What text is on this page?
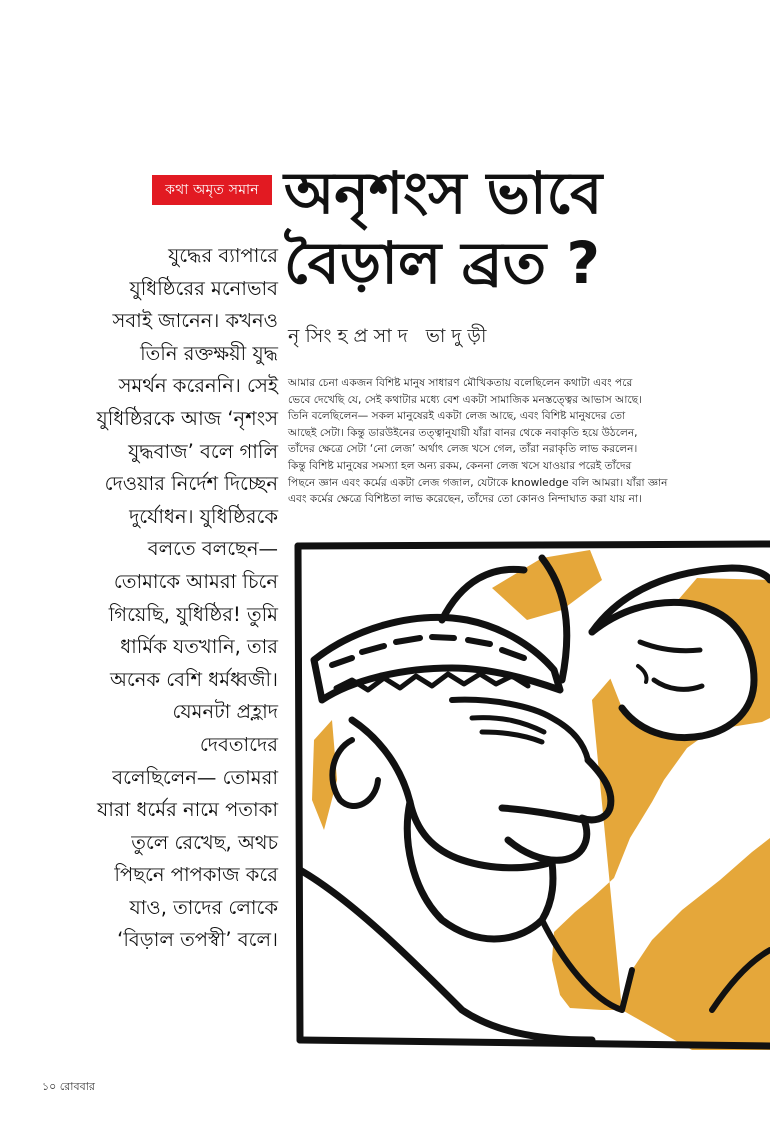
কথা অমৃত সমান অনৃশংস ভাবে
বৈড়াল ব্রত ?
নৃসিংহপ্রসাদ ভাদুড়ী
যুদ্ধের ব্যাপারে
যুধিষ্ঠিরের মনোভাব
সবাই জানেন। কখনও
তিনি রক্তক্ষয়ী যুদ্ধ
সমর্থন করেননি। সেই
যুধিষ্ঠিরকে আজ ‘নৃশংস
যুদ্ধবাজ’ বলে গালি
দেওয়ার নির্দেশ দিচ্ছেন
দুর্যোধন। যুধিষ্ঠিরকে
বলতে বলছেন—
তোমাকে আমরা চিনে
গিয়েছি, যুধিষ্ঠির! তুমি
ধার্মিক যতখানি, তার
অনেক বেশি ধর্মধ্বজী।
যেমনটা প্রহ্লাদ
দেবতাদের
বলেছিলেন— তোমরা
যারা ধর্মের নামে পতাকা
তুলে রেখেছ, অথচ
পিছনে পাপকাজ করে
যাও, তাদের লোকে
‘বিড়াল তপস্বী’ বলে।
আমার চেনা একজন বিশিষ্ট মানুষ সাধারণ মৌখিকতায় বলেছিলেন কথাটা এবং পরে
ভেবে দেখেছি যে, সেই কথাটার মধ্যে বেশ একটা সামাজিক মনস্তত্ত্বের আভাস আছে।
তিনি বলেছিলেন— সকল মানুষেরই একটা লেজ আছে, এবং বিশিষ্ট মানুষদের তো
আছেই সেটা। কিন্তু ডারউইনের তত্ত্বানুযায়ী যাঁরা বানর থেকে নবাকৃতি হয়ে উঠলেন,
তাঁদের ক্ষেত্রে সেটা ‘নো লেজ’ অর্থাৎ লেজ খসে গেল, তাঁরা নরাকৃতি লাভ করলেন।
কিন্তু বিশিষ্ট মানুষের সমস্যা হল অন্য রকম, কেননা লেজ খসে যাওয়ার পরেই তাঁদের
পিছনে জ্ঞান এবং কর্মের একটা লেজ গজাল, যেটাকে knowledge বলি আমরা। যাঁরা জ্ঞান
এবং কর্মের ক্ষেত্রে বিশিষ্টতা লাভ করেছেন, তাঁদের তো কোনও নিন্দাঘাত করা যায় না।
১০ রোববার
